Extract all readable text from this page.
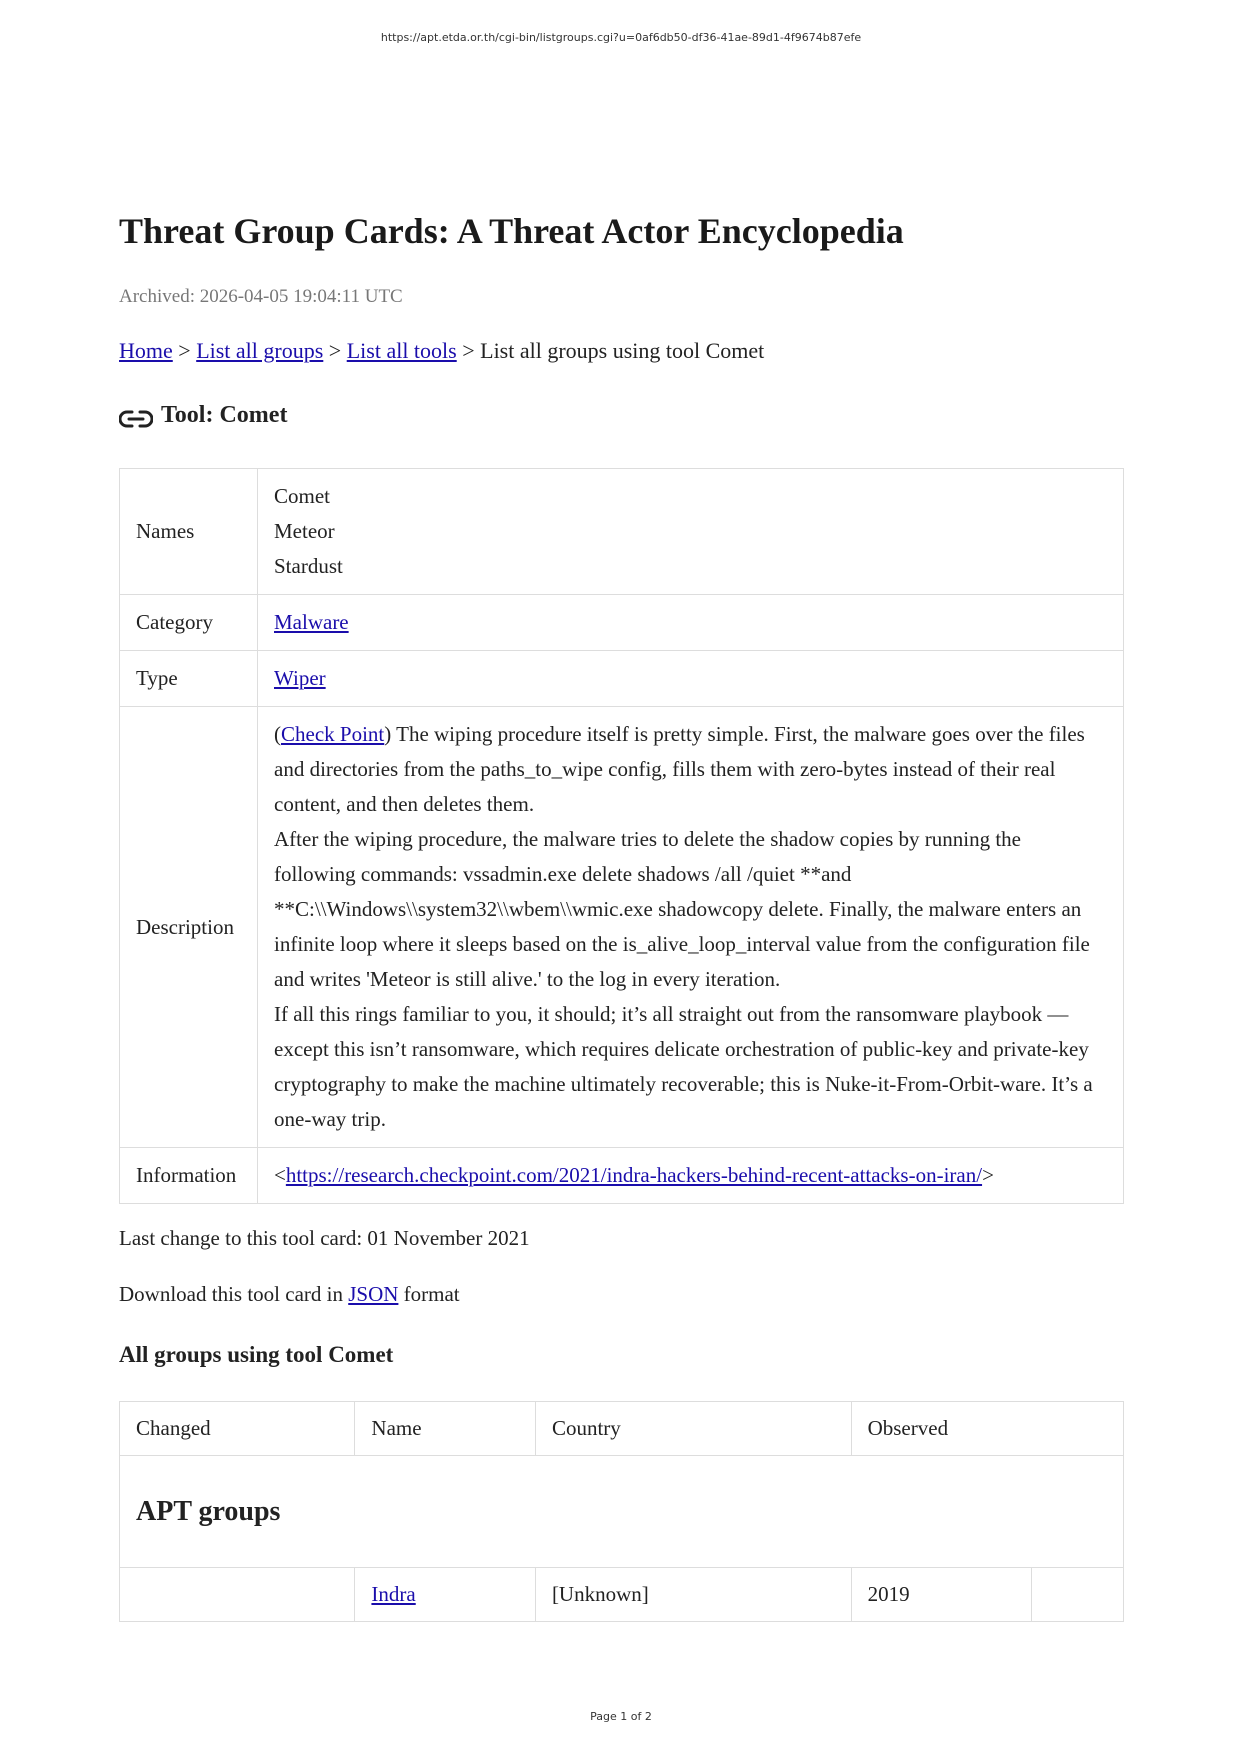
https://apt.etda.or.th/cgi-bin/listgroups.cgi?u=0af6db50-df36-41ae-89d1-4f9674b87efe
Threat Group Cards: A Threat Actor Encyclopedia
Archived: 2026-04-05 19:04:11 UTC
Home > List all groups > List all tools > List all groups using tool Comet
Tool: Comet
Names	Comet
Meteor
Stardust

Category	Malware
Type	Wiper
Description	(Check Point) The wiping procedure itself is pretty simple. First, the malware goes over the files and directories from the paths_to_wipe config, fills them with zero-bytes instead of their real content, and then deletes them.

After the wiping procedure, the malware tries to delete the shadow copies by running the following commands: vssadmin.exe delete shadows /all /quiet **and **C:\\Windows\\system32\\wbem\\wmic.exe shadowcopy delete. Finally, the malware enters an infinite loop where it sleeps based on the is_alive_loop_interval value from the configuration file and writes 'Meteor is still alive.' to the log in every iteration.

If all this rings familiar to you, it should; it’s all straight out from the ransomware playbook — except this isn’t ransomware, which requires delicate orchestration of public-key and private-key cryptography to make the machine ultimately recoverable; this is Nuke-it-From-Orbit-ware. It’s a one-way trip.

Information	<https://research.checkpoint.com/2021/indra-hackers-behind-recent-attacks-on-iran/>
Last change to this tool card: 01 November 2021
Download this tool card in JSON format
All groups using tool Comet
Changed	Name	Country	Observed	
APT groups				
	Indra	[Unknown]	2019	
Page 1 of 2
